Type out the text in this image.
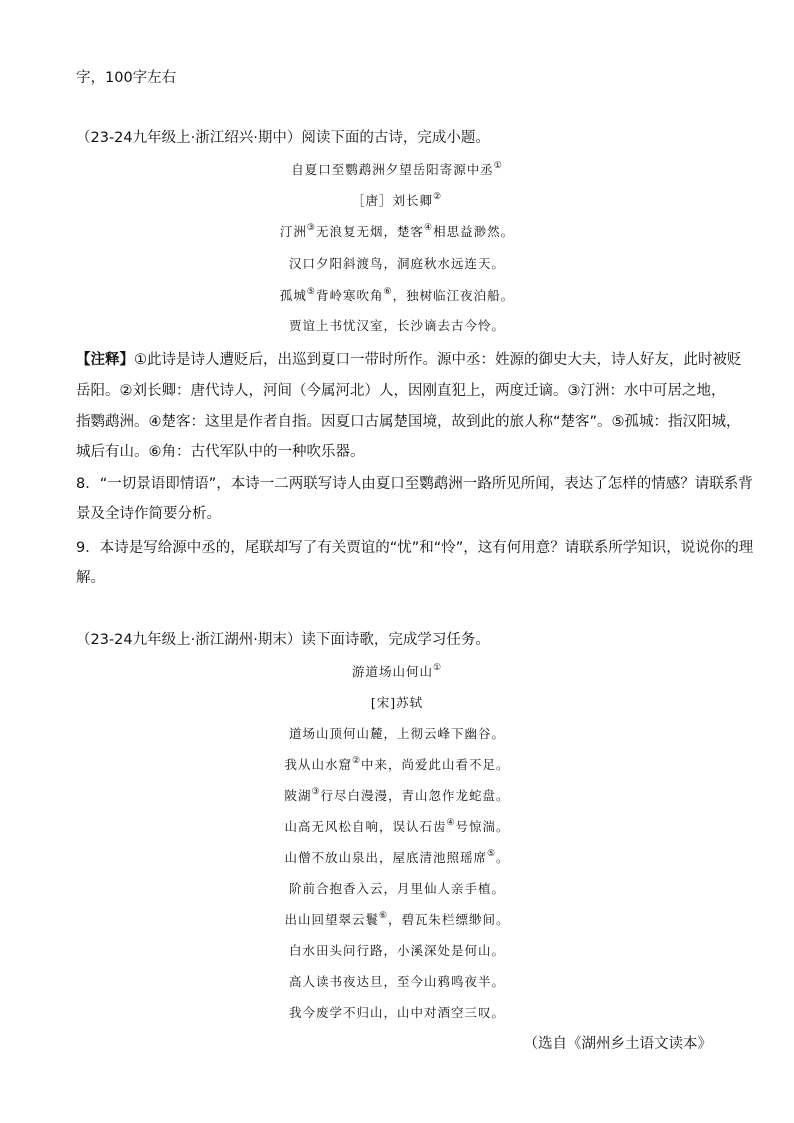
字，100字左右
（23-24九年级上·浙江绍兴·期中）阅读下面的古诗，完成小题。
自夏口至鹦鹉洲夕望岳阳寄源中丞①
［唐］刘长卿②
汀洲③无浪复无烟，楚客④相思益渺然。
汉口夕阳斜渡鸟，洞庭秋水远连天。
孤城⑤背岭寒吹角⑥，独树临江夜泊船。
贾谊上书忧汉室，长沙谪去古今怜。
【注释】①此诗是诗人遭贬后，出巡到夏口一带时所作。源中丞：姓源的御史大夫，诗人好友，此时被贬
岳阳。②刘长卿：唐代诗人，河间（今属河北）人，因刚直犯上，两度迁谪。③汀洲：水中可居之地，
指鹦鹉洲。④楚客：这里是作者自指。因夏口古属楚国境，故到此的旅人称“楚客”。⑤孤城：指汉阳城，
城后有山。⑥角：古代军队中的一种吹乐器。
8．“一切景语即情语”，本诗一二两联写诗人由夏口至鹦鹉洲一路所见所闻，表达了怎样的情感？请联系背
景及全诗作简要分析。
9．本诗是写给源中丞的，尾联却写了有关贾谊的“忧”和“怜”，这有何用意？请联系所学知识，说说你的理
解。
（23-24九年级上·浙江湖州·期末）读下面诗歌，完成学习任务。
游道场山何山①
[宋]苏轼
道场山顶何山麓，上彻云峰下幽谷。
我从山水窟②中来，尚爱此山看不足。
陂湖③行尽白漫漫，青山忽作龙蛇盘。
山高无风松自响，误认石齿④号惊湍。
山僧不放山泉出，屋底清池照瑶席⑤。
阶前合抱香入云，月里仙人亲手植。
出山回望翠云鬟⑥，碧瓦朱栏缥缈间。
白水田头问行路，小溪深处是何山。
高人读书夜达旦，至今山鸦鸣夜半。
我今废学不归山，山中对酒空三叹。
（选自《湖州乡土语文读本》
